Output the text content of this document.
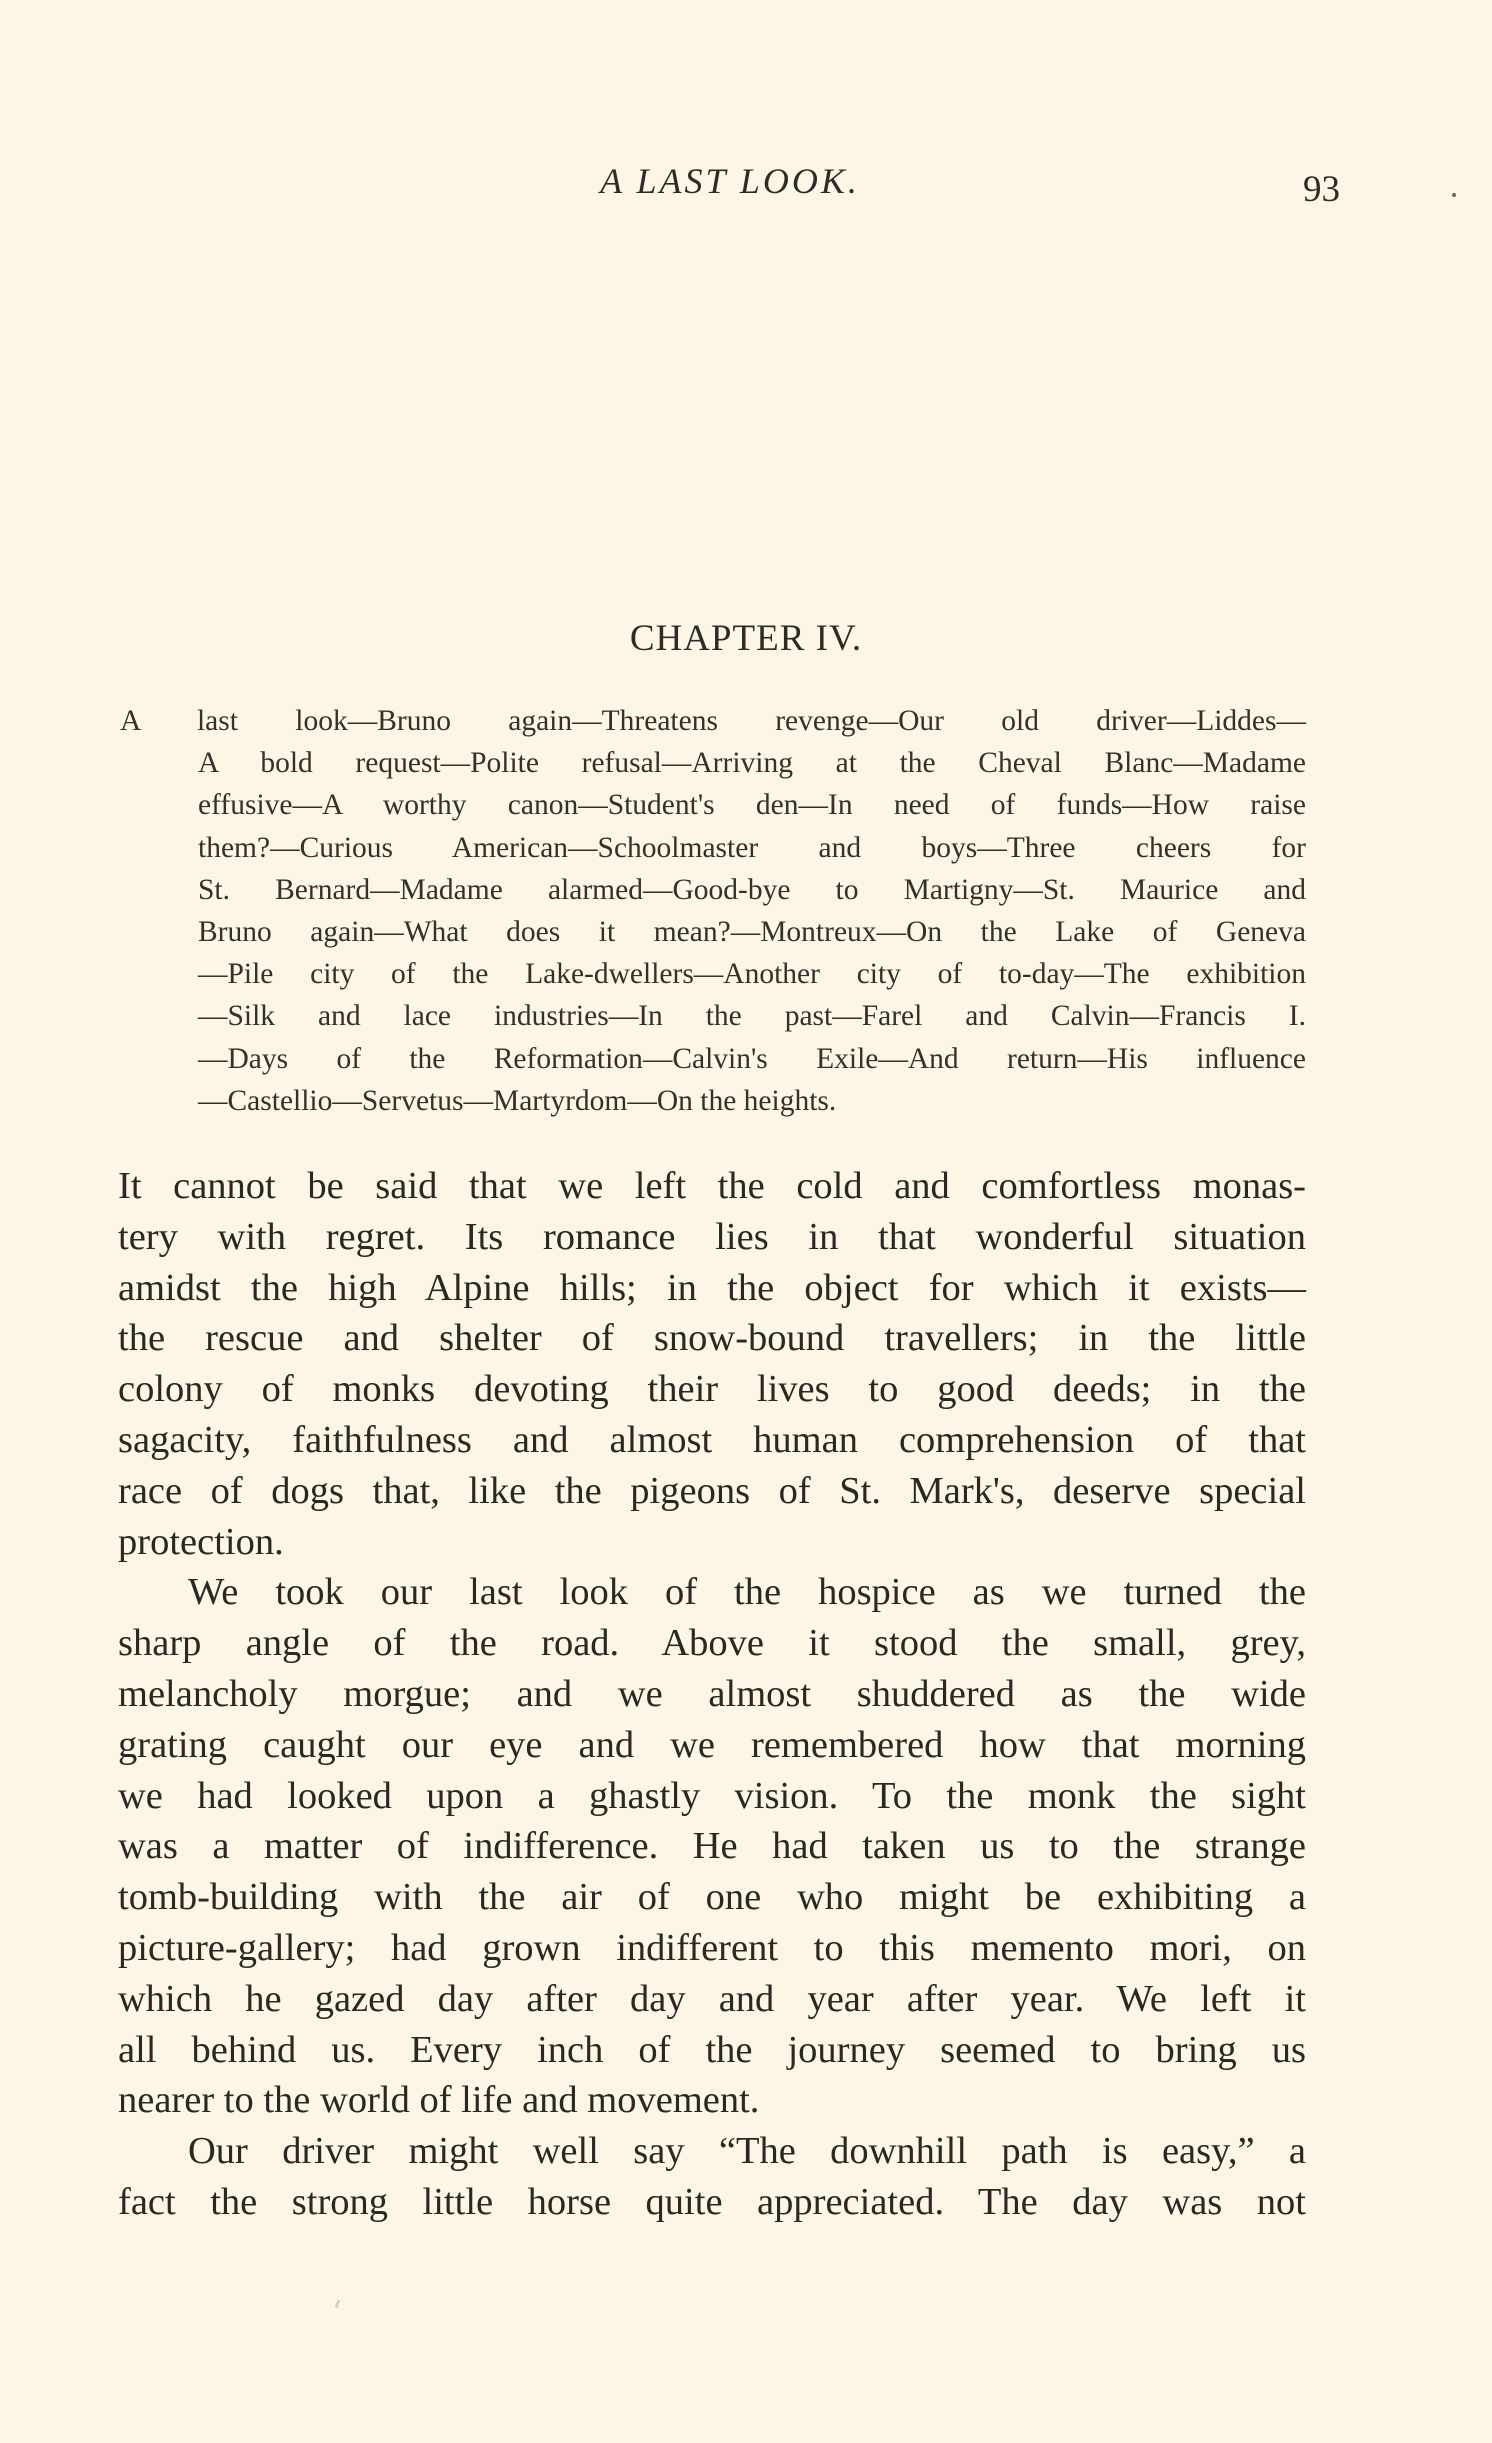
A LAST LOOK.	93
CHAPTER IV.
A last look—Bruno again—Threatens revenge—Our old driver—Liddes—
A bold request—Polite refusal—Arriving at the Cheval Blanc—Madame
effusive—A worthy canon—Student's den—In need of funds—How raise
them?—Curious American—Schoolmaster and boys—Three cheers for
St. Bernard—Madame alarmed—Good-bye to Martigny—St. Maurice and
Bruno again—What does it mean?—Montreux—On the Lake of Geneva
—Pile city of the Lake-dwellers—Another city of to-day—The exhibition
—Silk and lace industries—In the past—Farel and Calvin—Francis I.
—Days of the Reformation—Calvin's Exile—And return—His influence
—Castellio—Servetus—Martyrdom—On the heights.
It cannot be said that we left the cold and comfortless monas-
tery with regret. Its romance lies in that wonderful situation
amidst the high Alpine hills; in the object for which it exists—
the rescue and shelter of snow-bound travellers; in the little
colony of monks devoting their lives to good deeds; in the
sagacity, faithfulness and almost human comprehension of that
race of dogs that, like the pigeons of St. Mark's, deserve special
protection.
We took our last look of the hospice as we turned the
sharp angle of the road. Above it stood the small, grey,
melancholy morgue; and we almost shuddered as the wide
grating caught our eye and we remembered how that morning
we had looked upon a ghastly vision. To the monk the sight
was a matter of indifference. He had taken us to the strange
tomb-building with the air of one who might be exhibiting a
picture-gallery; had grown indifferent to this memento mori, on
which he gazed day after day and year after year. We left it
all behind us. Every inch of the journey seemed to bring us
nearer to the world of life and movement.
Our driver might well say “The downhill path is easy,” a
fact the strong little horse quite appreciated. The day was not
